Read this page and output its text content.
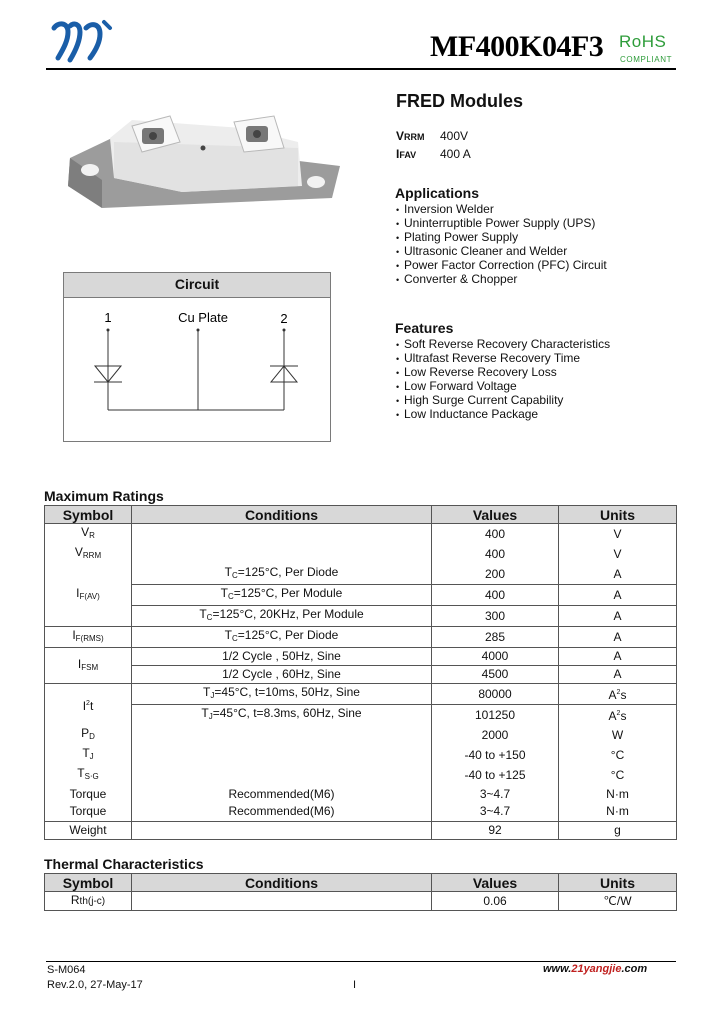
MF400K04F3 RoHS
COMPLIANT
FRED Modules
VRRM 400V
IFAV 400 A
Applications
• Inversion Welder
• Uninterruptible Power Supply (UPS)
• Plating Power Supply
• Ultrasonic Cleaner and Welder
• Power Factor Correction (PFC) Circuit
• Converter & Chopper
Features
• Soft Reverse Recovery Characteristics
• Ultrafast Reverse Recovery Time
• Low Reverse Recovery Loss
• Low Forward Voltage
• High Surge Current Capability
• Low Inductance Package
Circuit
1	Cu Plate	2
Maximum Ratings
Symbol	Conditions	Values	Units
VR		400	V
VRRM		400	V
IF(AV)	TC=125°C, Per Diode	200	A
	TC=125°C, Per Module	400	A
	TC=125°C, 20KHz, Per Module	300	A
IF(RMS)	TC=125°C, Per Diode	285	A
IFSM	1/2 Cycle , 50Hz, Sine	4000	A
	1/2 Cycle , 60Hz, Sine	4500	A
$I^2t$	TJ=45°C, t=10ms, 50Hz, Sine	80000	$A^2s$
	TJ=45°C, t=8.3ms, 60Hz, Sine	101250	$A^2s$
PD		2000	W
TJ		-40 to +150	°C
TS‧G		-40 to +125	°C
Torque	Recommended(M6)	3~4.7	N·m
Torque	Recommended(M6)	3~4.7	N·m
Weight		92	g
Thermal Characteristics
Symbol	Conditions	Values	Units
Rth(j-c)		0.06	℃/W
S-M064
Rev.2.0, 27-May-17	I
www.21yangjie.com
